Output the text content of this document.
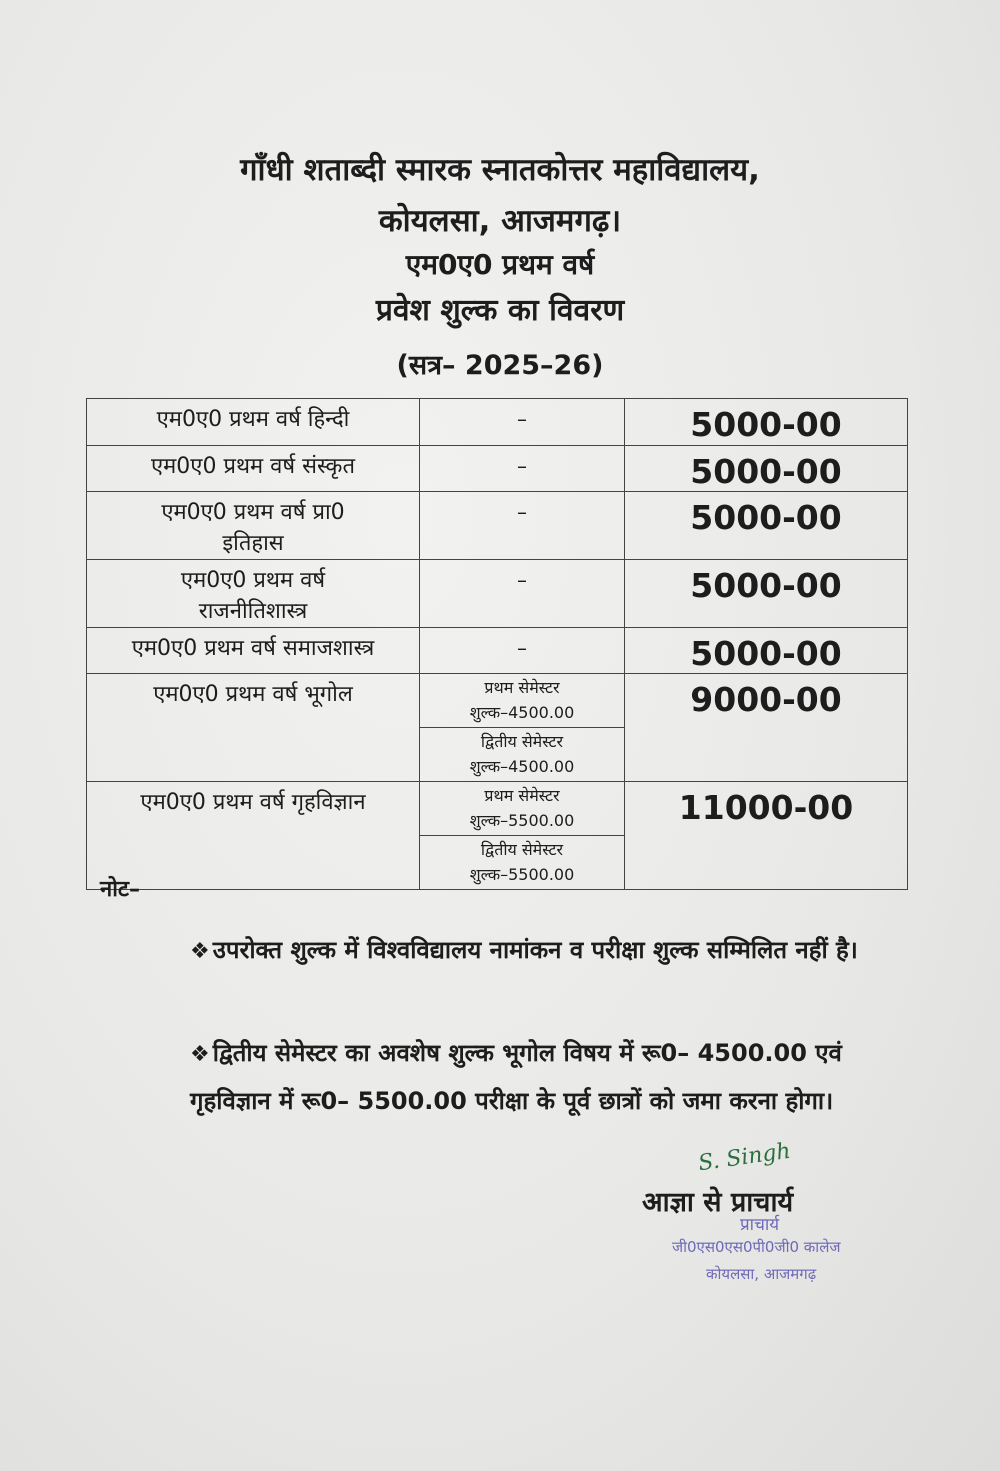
गाँधी शताब्दी स्मारक स्नातकोत्तर महाविद्यालय,
कोयलसा, आजमगढ़।
एम0ए0 प्रथम वर्ष
प्रवेश शुल्क का विवरण
(सत्र– 2025–26)
एम0ए0 प्रथम वर्ष हिन्दी	–	5000-00
एम0ए0 प्रथम वर्ष संस्कृत	–	5000-00
एम0ए0 प्रथम वर्ष प्रा0
इतिहास	–	5000-00
एम0ए0 प्रथम वर्ष
राजनीतिशास्त्र	–	5000-00
एम0ए0 प्रथम वर्ष समाजशास्त्र	–	5000-00
एम0ए0 प्रथम वर्ष भूगोल	प्रथम सेमेस्टर
शुल्क–4500.00	9000-00

	द्वितीय सेमेस्टर
शुल्क–4500.00	

एम0ए0 प्रथम वर्ष गृहविज्ञान	प्रथम सेमेस्टर
शुल्क–5500.00	11000-00

	द्वितीय सेमेस्टर
शुल्क–5500.00	
नोट–
❖ उपरोक्त शुल्क में विश्वविद्यालय नामांकन व परीक्षा शुल्क सम्मिलित नहीं है।
❖ द्वितीय सेमेस्टर का अवशेष शुल्क भूगोल विषय में रू0– 4500.00 एवं गृहविज्ञान में रू0– 5500.00 परीक्षा के पूर्व छात्रों को जमा करना होगा।
S. Singh
आज्ञा से प्राचार्य
प्राचार्य
जी0एस0एस0पी0जी0 कालेज
कोयलसा, आजमगढ़
